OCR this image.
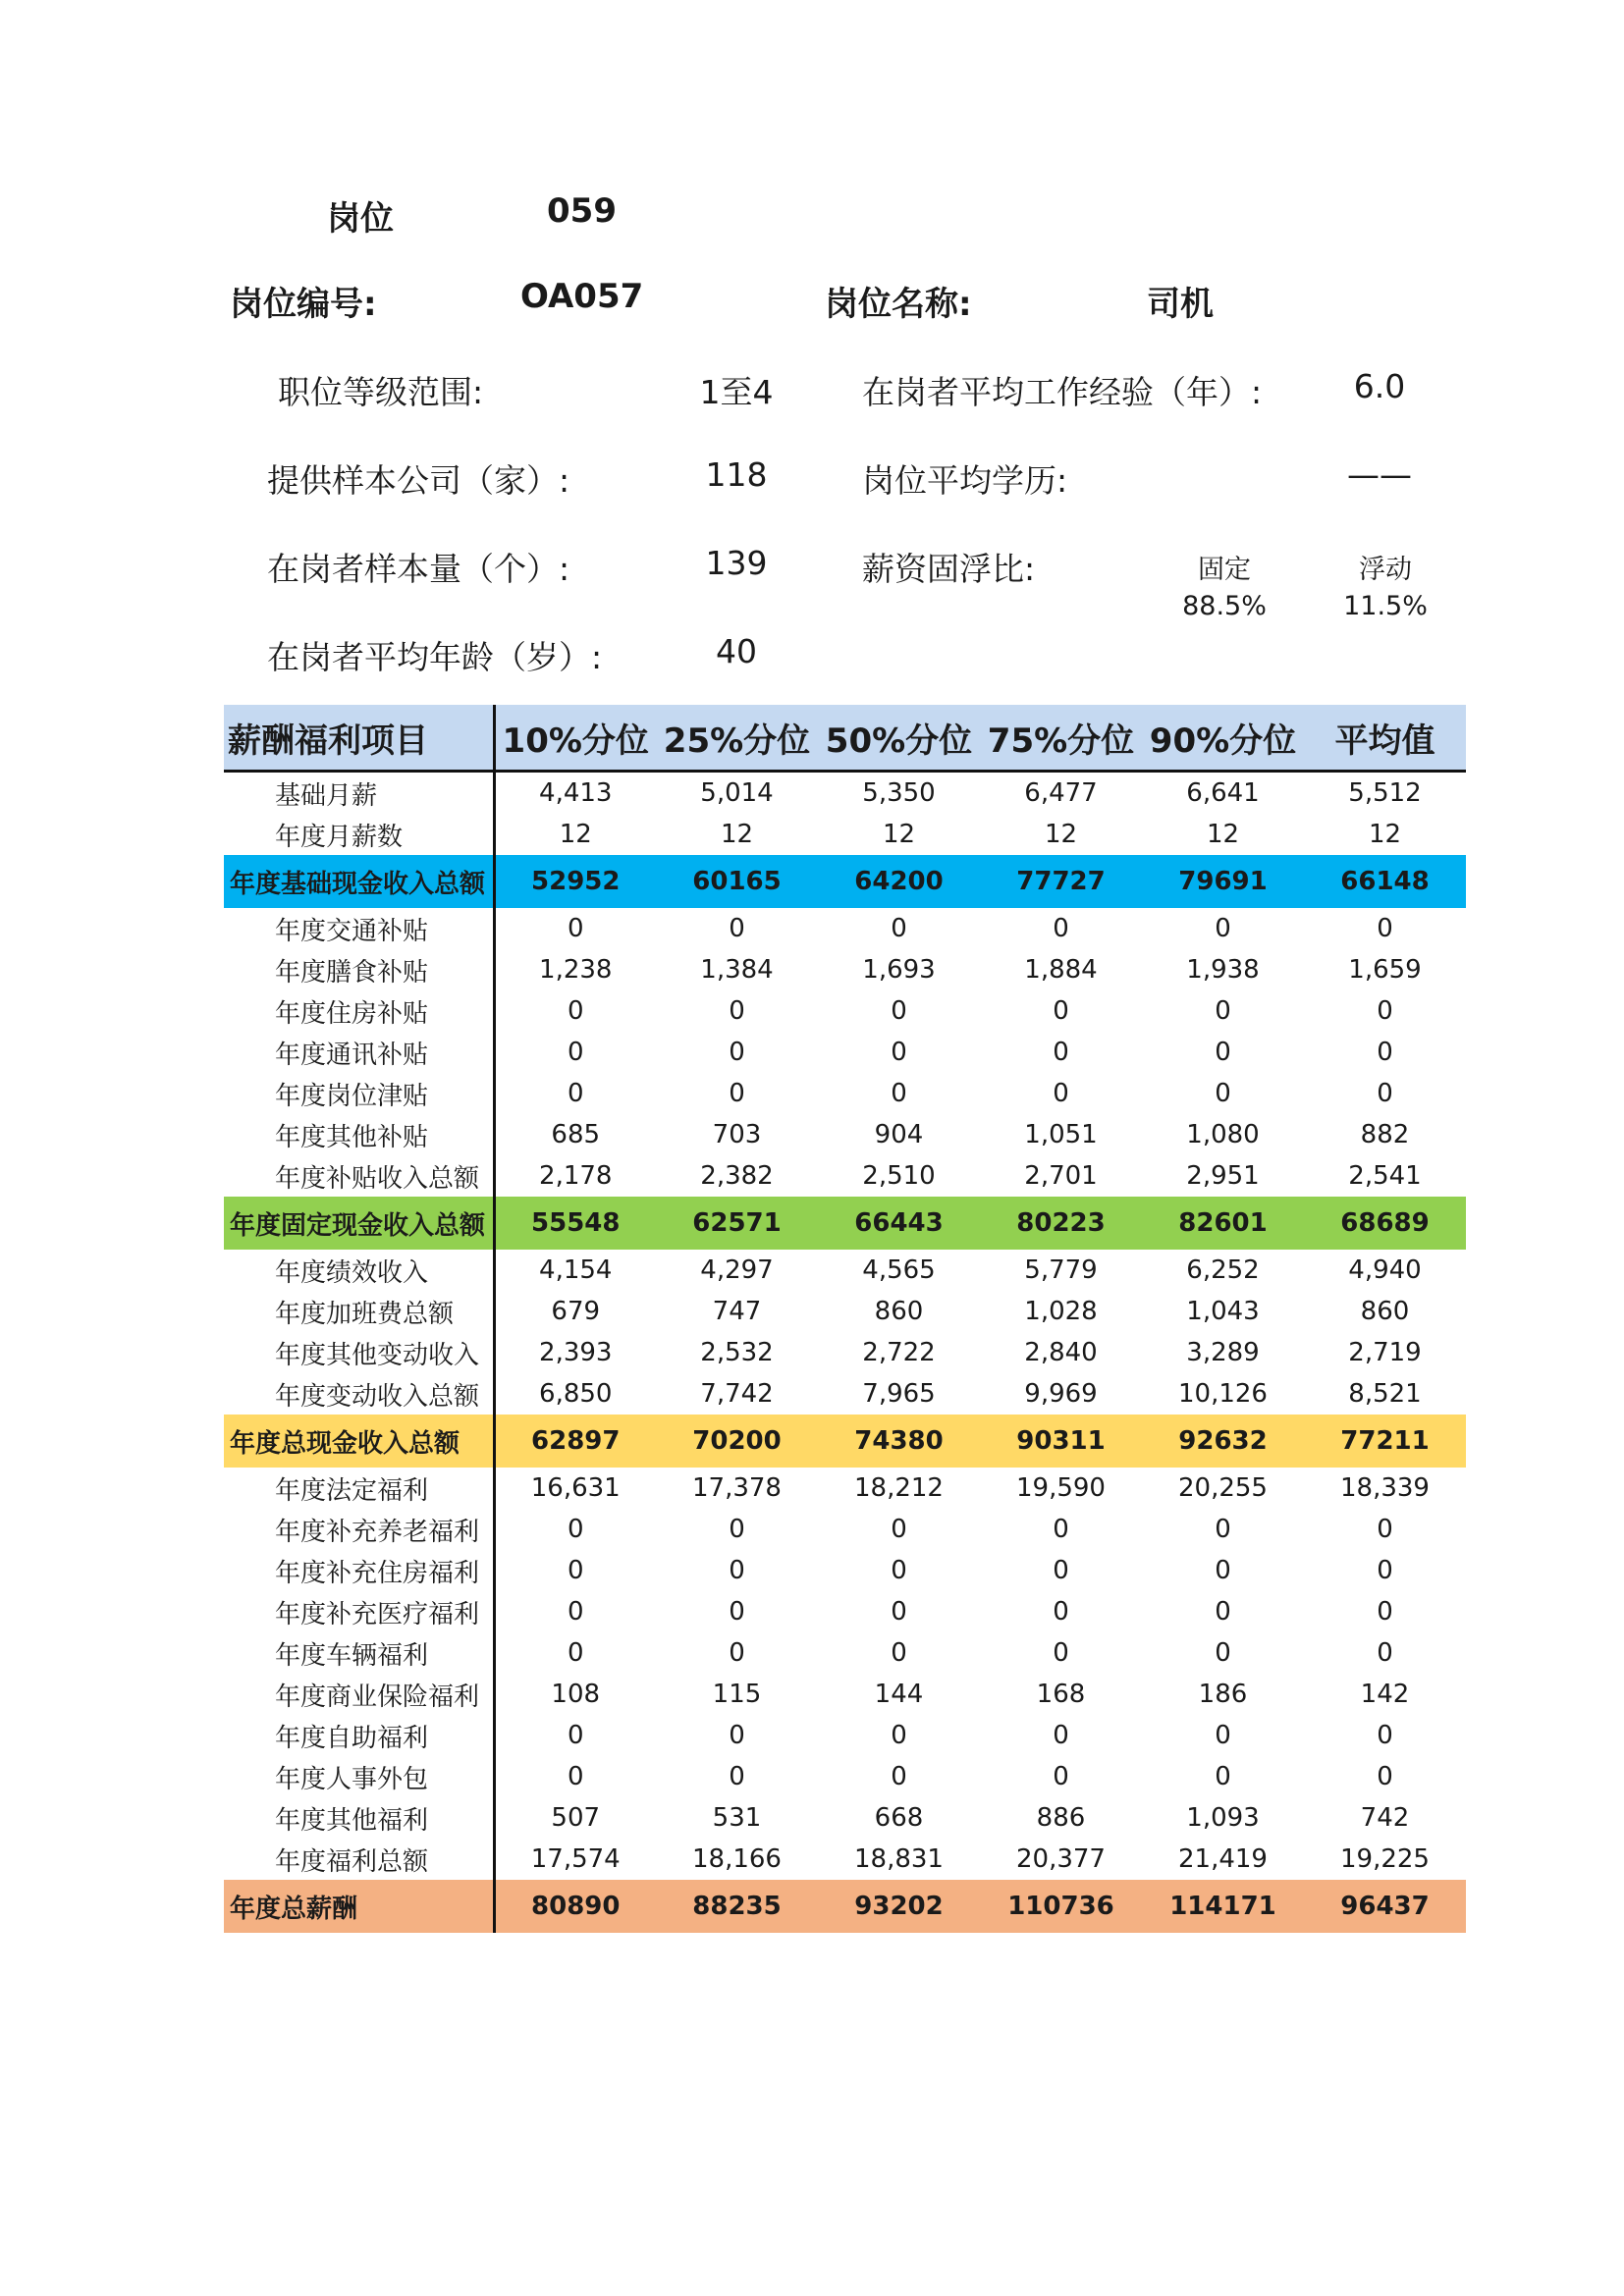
岗位	059
岗位编号:	OA057	岗位名称:	司机
职位等级范围:	1至4
提供样本公司（家）:	118
在岗者样本量（个）:	139
在岗者平均年龄（岁）:	40
在岗者平均工作经验（年）:	6.0
岗位平均学历:	——
薪资固浮比:	固定
88.5%
浮动
11.5%
薪酬福利项目	10%分位	25%分位	50%分位	75%分位	90%分位	平均值
基础月薪	4,413	5,014	5,350	6,477	6,641	5,512
年度月薪数	12	12	12	12	12	12
年度基础现金收入总额	52952	60165	64200	77727	79691	66148
年度交通补贴	0	0	0	0	0	0
年度膳食补贴	1,238	1,384	1,693	1,884	1,938	1,659
年度住房补贴	0	0	0	0	0	0
年度通讯补贴	0	0	0	0	0	0
年度岗位津贴	0	0	0	0	0	0
年度其他补贴	685	703	904	1,051	1,080	882
年度补贴收入总额	2,178	2,382	2,510	2,701	2,951	2,541
年度固定现金收入总额	55548	62571	66443	80223	82601	68689
年度绩效收入	4,154	4,297	4,565	5,779	6,252	4,940
年度加班费总额	679	747	860	1,028	1,043	860
年度其他变动收入	2,393	2,532	2,722	2,840	3,289	2,719
年度变动收入总额	6,850	7,742	7,965	9,969	10,126	8,521
年度总现金收入总额	62897	70200	74380	90311	92632	77211
年度法定福利	16,631	17,378	18,212	19,590	20,255	18,339
年度补充养老福利	0	0	0	0	0	0
年度补充住房福利	0	0	0	0	0	0
年度补充医疗福利	0	0	0	0	0	0
年度车辆福利	0	0	0	0	0	0
年度商业保险福利	108	115	144	168	186	142
年度自助福利	0	0	0	0	0	0
年度人事外包	0	0	0	0	0	0
年度其他福利	507	531	668	886	1,093	742
年度福利总额	17,574	18,166	18,831	20,377	21,419	19,225
年度总薪酬	80890	88235	93202	110736	114171	96437
